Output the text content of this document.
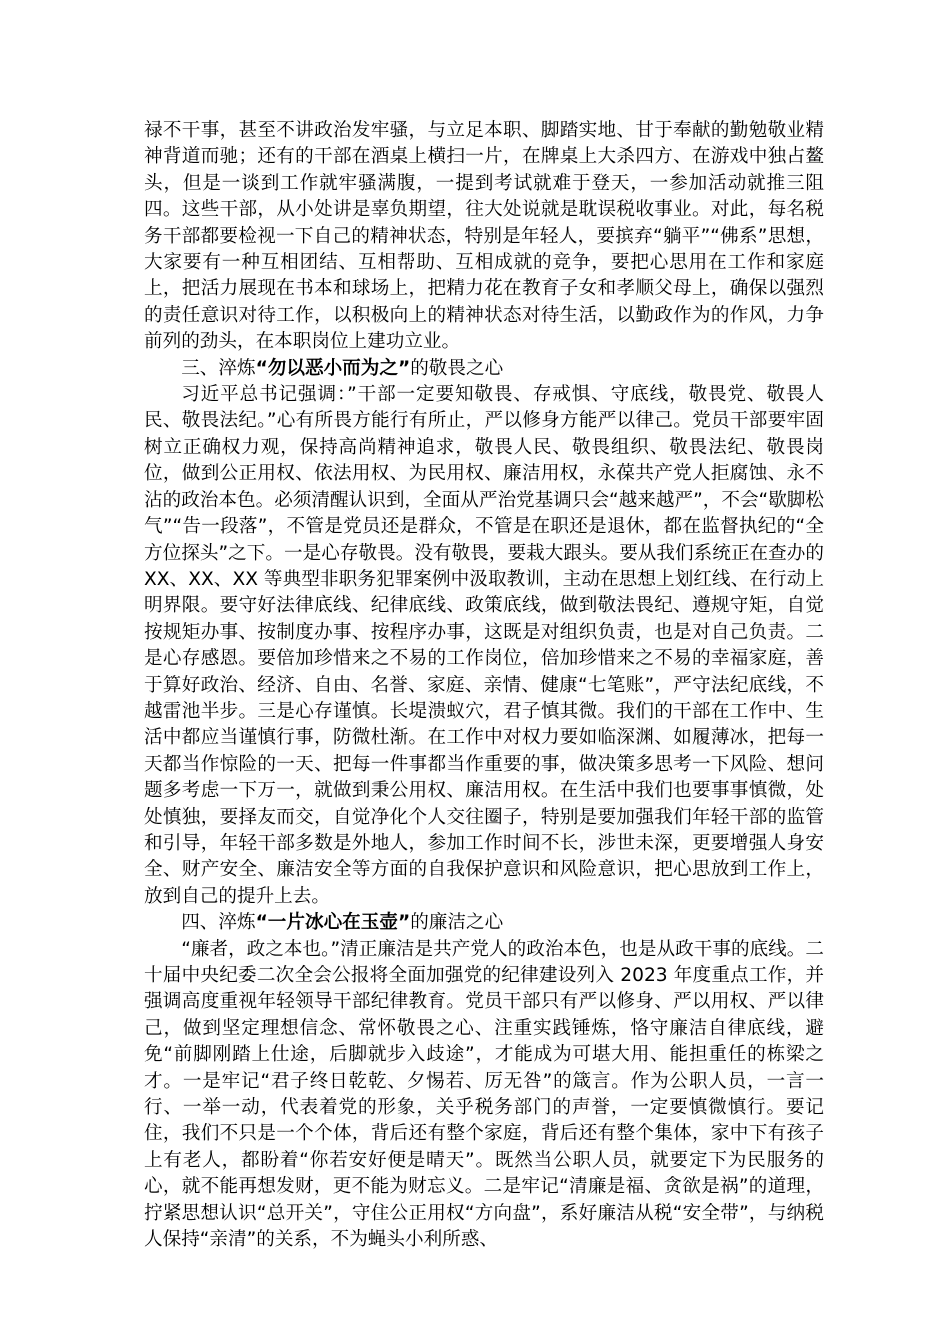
禄不干事，甚至不讲政治发牢骚，与立足本职、脚踏实地、甘于奉献的勤勉敬业精神背道而驰；还有的干部在酒桌上横扫一片，在牌桌上大杀四方、在游戏中独占鳌头，但是一谈到工作就牢骚满腹，一提到考试就难于登天，一参加活动就推三阻四。这些干部，从小处讲是辜负期望，往大处说就是耽误税收事业。对此，每名税务干部都要检视一下自己的精神状态，特别是年轻人，要摈弃“躺平”“佛系”思想，大家要有一种互相团结、互相帮助、互相成就的竞争，要把心思用在工作和家庭上，把活力展现在书本和球场上，把精力花在教育子女和孝顺父母上，确保以强烈的责任意识对待工作，以积极向上的精神状态对待生活，以勤政作为的作风，力争前列的劲头，在本职岗位上建功立业。

三、淬炼“勿以恶小而为之”的敬畏之心

习近平总书记强调：”干部一定要知敬畏、存戒惧、守底线，敬畏党、敬畏人民、敬畏法纪。”心有所畏方能行有所止，严以修身方能严以律己。党员干部要牢固树立正确权力观，保持高尚精神追求，敬畏人民、敬畏组织、敬畏法纪、敬畏岗位，做到公正用权、依法用权、为民用权、廉洁用权，永葆共产党人拒腐蚀、永不沾的政治本色。必须清醒认识到，全面从严治党基调只会“越来越严”，不会“歇脚松气”“告一段落”，不管是党员还是群众，不管是在职还是退休，都在监督执纪的“全方位探头”之下。一是心存敬畏。没有敬畏，要栽大跟头。要从我们系统正在查办的 XX、XX、XX 等典型非职务犯罪案例中汲取教训，主动在思想上划红线、在行动上明界限。要守好法律底线、纪律底线、政策底线，做到敬法畏纪、遵规守矩，自觉按规矩办事、按制度办事、按程序办事，这既是对组织负责，也是对自己负责。二是心存感恩。要倍加珍惜来之不易的工作岗位，倍加珍惜来之不易的幸福家庭，善于算好政治、经济、自由、名誉、家庭、亲情、健康“七笔账”，严守法纪底线，不越雷池半步。三是心存谨慎。长堤溃蚁穴，君子慎其微。我们的干部在工作中、生活中都应当谨慎行事，防微杜渐。在工作中对权力要如临深渊、如履薄冰，把每一天都当作惊险的一天、把每一件事都当作重要的事，做决策多思考一下风险、想问题多考虑一下万一，就做到秉公用权、廉洁用权。在生活中我们也要事事慎微，处处慎独，要择友而交，自觉净化个人交往圈子，特别是要加强我们年轻干部的监管和引导，年轻干部多数是外地人，参加工作时间不长，涉世未深，更要增强人身安全、财产安全、廉洁安全等方面的自我保护意识和风险意识，把心思放到工作上，放到自己的提升上去。

四、淬炼“一片冰心在玉壶”的廉洁之心

“廉者，政之本也。”清正廉洁是共产党人的政治本色，也是从政干事的底线。二十届中央纪委二次全会公报将全面加强党的纪律建设列入 2023 年度重点工作，并强调高度重视年轻领导干部纪律教育。党员干部只有严以修身、严以用权、严以律己，做到坚定理想信念、常怀敬畏之心、注重实践锤炼，恪守廉洁自律底线，避免“前脚刚踏上仕途，后脚就步入歧途”，才能成为可堪大用、能担重任的栋梁之才。一是牢记“君子终日乾乾、夕惕若、厉无咎”的箴言。作为公职人员，一言一行、一举一动，代表着党的形象，关乎税务部门的声誉，一定要慎微慎行。要记住，我们不只是一个个体，背后还有整个家庭，背后还有整个集体，家中下有孩子上有老人，都盼着“你若安好便是晴天”。既然当公职人员，就要定下为民服务的心，就不能再想发财，更不能为财忘义。二是牢记“清廉是福、贪欲是祸”的道理，拧紧思想认识“总开关”，守住公正用权“方向盘”，系好廉洁从税“安全带”，与纳税人保持“亲清”的关系，不为蝇头小利所惑、
